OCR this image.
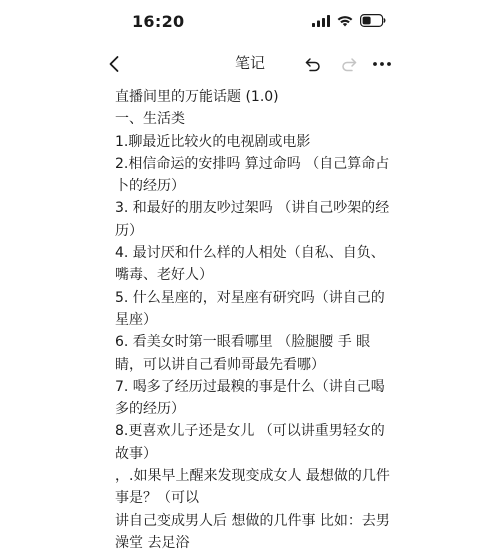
16:20
笔记
直播间里的万能话题 (1.0)
一、生活类
1.聊最近比较火的电视剧或电影
2.相信命运的安排吗 算过命吗 （自己算命占
卜的经历）
3. 和最好的朋友吵过架吗 （讲自己吵架的经
历）
4. 最讨厌和什么样的人相处（自私、自负、
嘴毒、老好人）
5. 什么星座的，对星座有研究吗（讲自己的
星座）
6. 看美女时第一眼看哪里 （脸腿腰 手 眼
睛，可以讲自己看帅哥最先看哪）
7. 喝多了经历过最糗的事是什么（讲自己喝
多的经历）
8.更喜欢儿子还是女儿 （可以讲重男轻女的
故事）
，.如果早上醒来发现变成女人 最想做的几件
事是？（可以
讲自己变成男人后 想做的几件事 比如：去男
澡堂 去足浴
